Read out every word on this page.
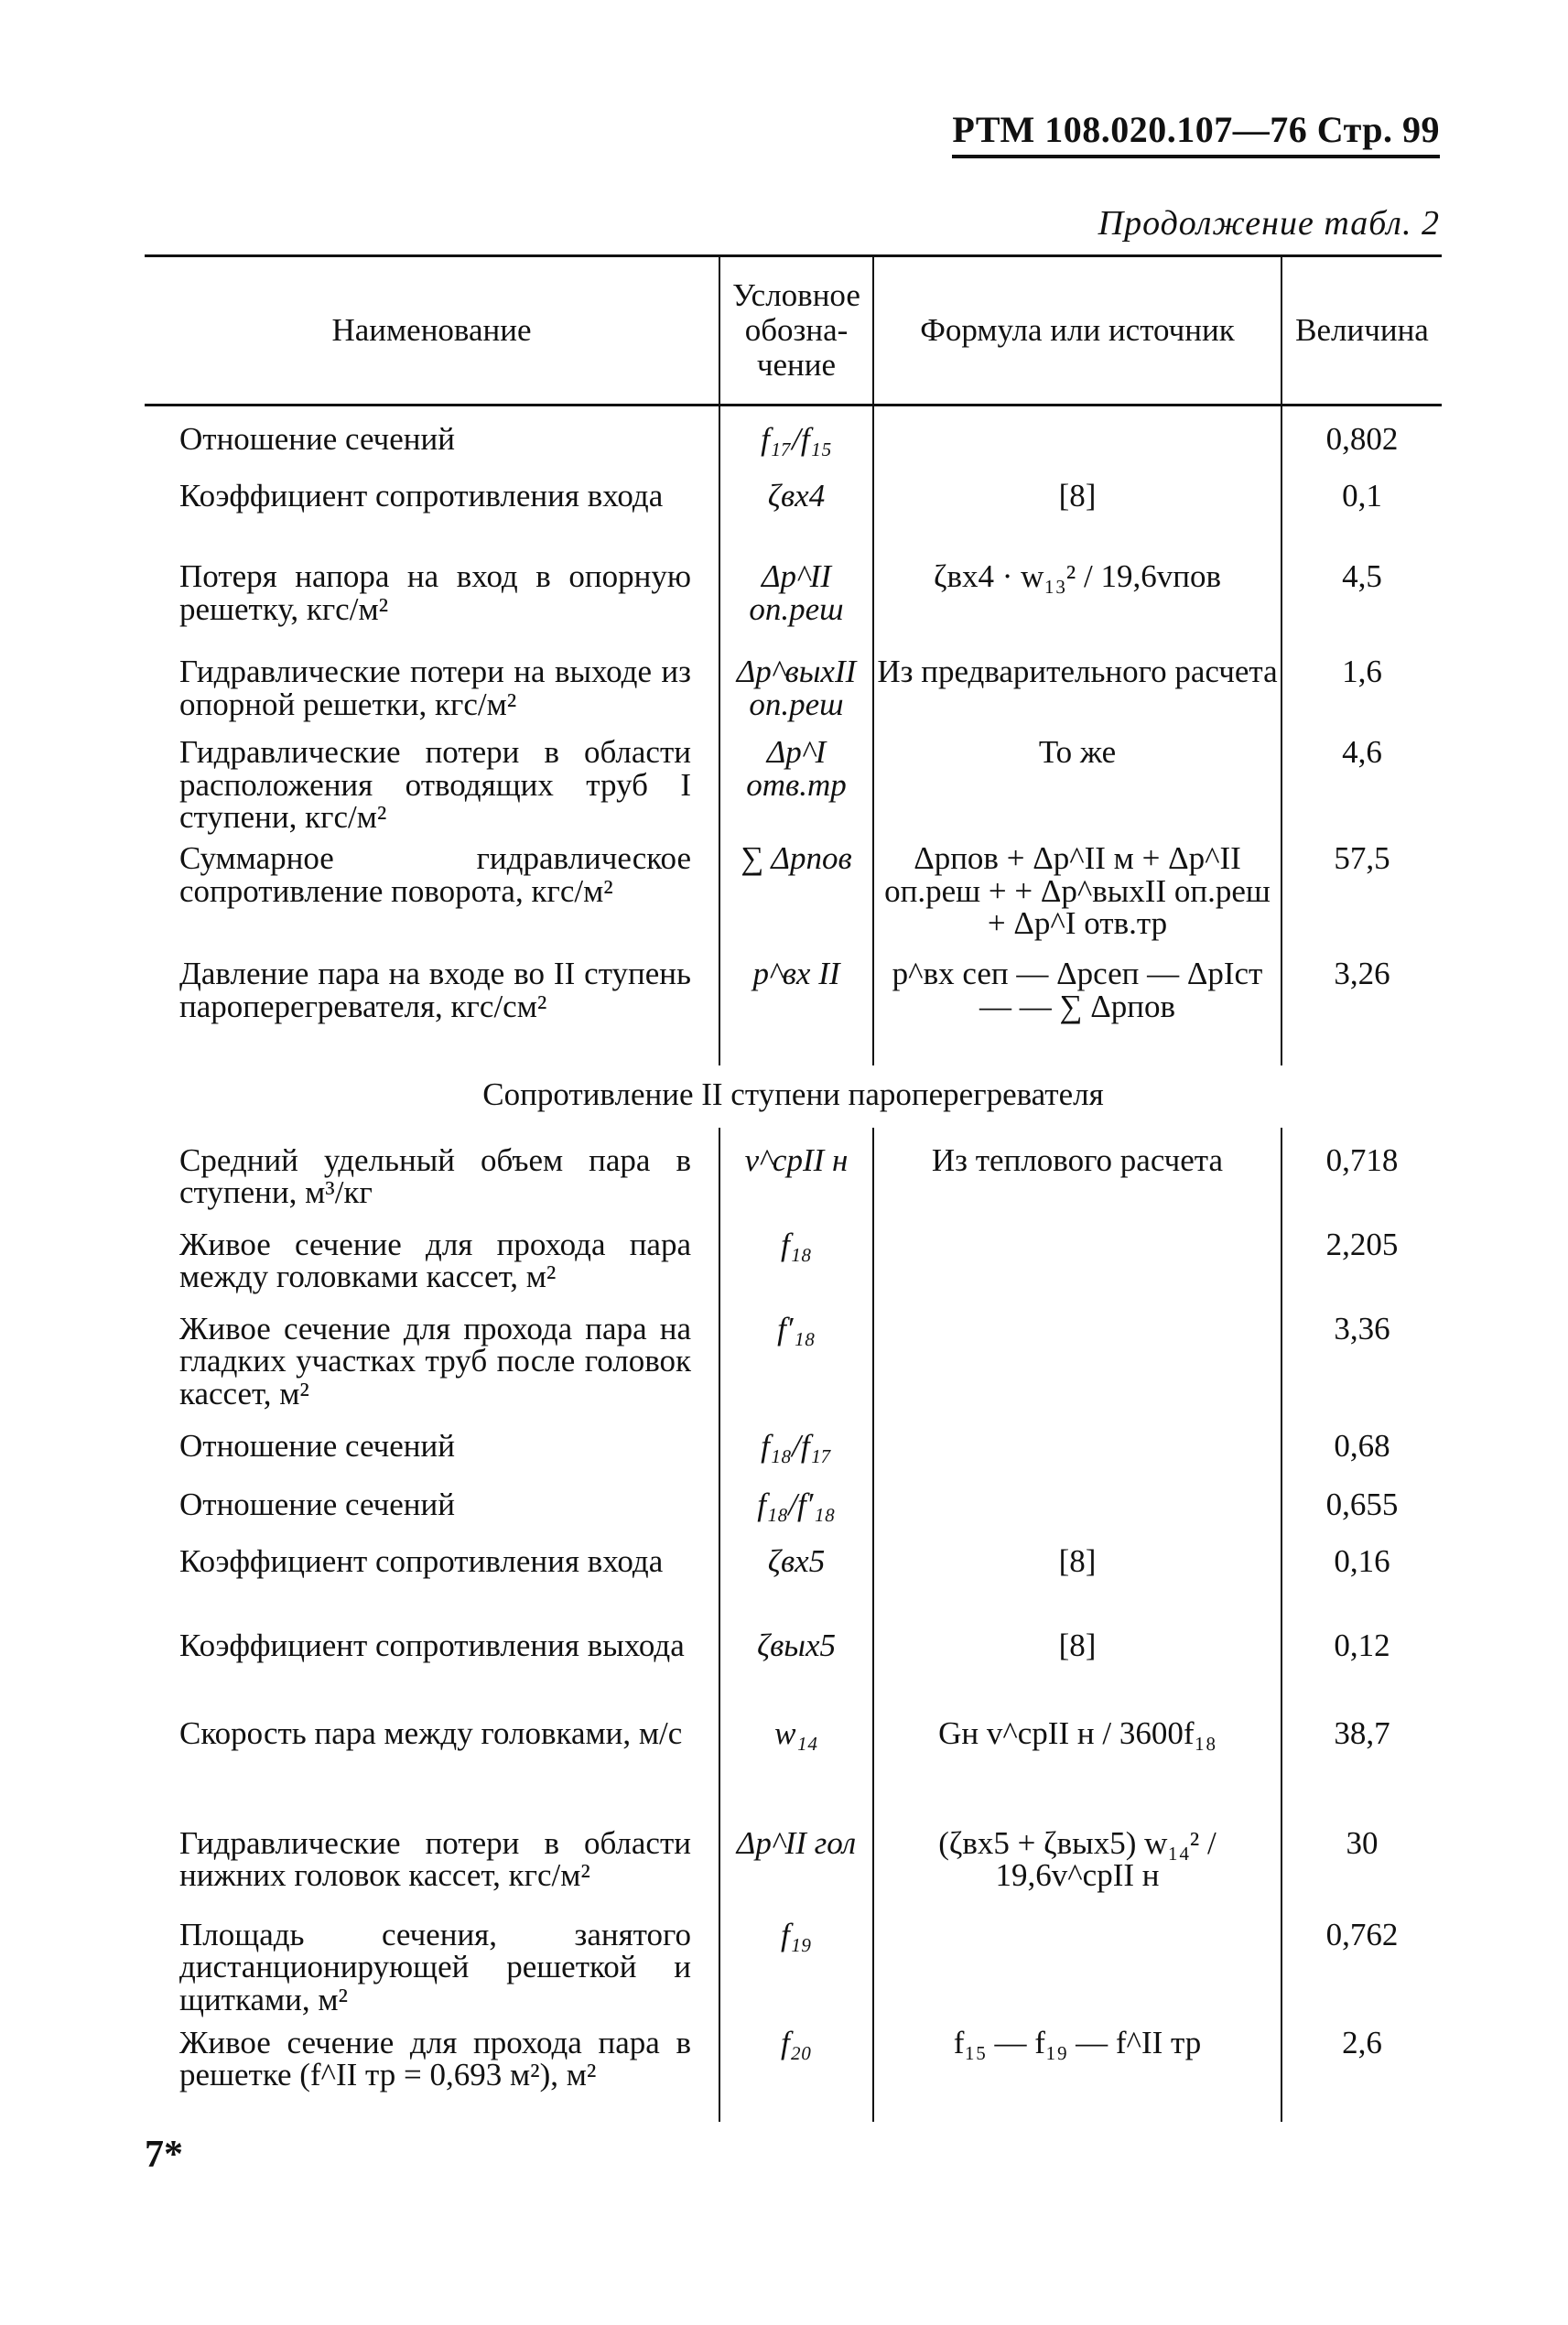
РТМ 108.020.107—76 Стр. 99
Продолжение табл. 2
Наименование	Условное обозна-чение	Формула или источник	Величина

Отношение сечений	f₁₇/f₁₅		0,802
Коэффициент сопротивления входа	ζвх4	[8]	0,1
Потеря напора на вход в опорную решетку, кгс/м²	Δp^II оп.реш	ζвх4 · w₁₃² / 19,6vпов	4,5
Гидравлические потери на выходе из опорной решетки, кгс/м²	Δp^выхII оп.реш	Из предварительного расчета	1,6
Гидравлические потери в области расположения отводящих труб I ступени, кгс/м²	Δp^I отв.тр	То же	4,6
Суммарное гидравлическое сопротивление поворота, кгс/м²	∑ Δpпов	Δpпов + Δp^II м + Δp^II оп.реш + + Δp^выхII оп.реш + Δp^I отв.тр	57,5
Давление пара на входе во II ступень пароперегревателя, кгс/см²	p^вх II	p^вх сеп — Δpсеп — ΔpIст — — ∑ Δpпов	3,26
Сопротивление II ступени пароперегревателя			

Средний удельный объем пара в ступени, м³/кг	v^срII н	Из теплового расчета	0,718
Живое сечение для прохода пара между головками кассет, м²	f₁₈		2,205
Живое сечение для прохода пара на гладких участках труб после головок кассет, м²	f′₁₈		3,36
Отношение сечений	f₁₈/f₁₇		0,68
Отношение сечений	f₁₈/f′₁₈		0,655
Коэффициент сопротивления входа	ζвх5	[8]	0,16
Коэффициент сопротивления выхода	ζвых5	[8]	0,12
Скорость пара между головками, м/с	w₁₄	Gн v^срII н / 3600f₁₈	38,7
Гидравлические потери в области нижних головок кассет, кгс/м²	Δp^II гол	(ζвх5 + ζвых5) w₁₄² / 19,6v^срII н	30
Площадь сечения, занятого дистанционирующей решеткой и щитками, м²	f₁₉		0,762
Живое сечение для прохода пара в решетке (f^II тр = 0,693 м²), м²	f₂₀	f₁₅ — f₁₉ — f^II тр	2,6
7*
